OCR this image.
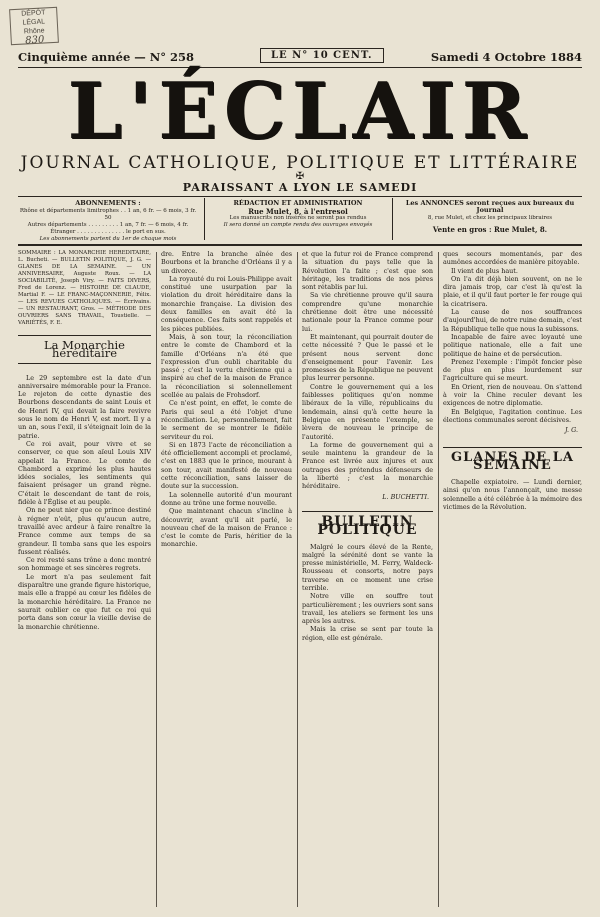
DÉPÔT LÉGAL
Rhône
830
Cinquième année — N° 258	LE N° 10 CENT.	Samedi 4 Octobre 1884
L'ÉCLAIR
JOURNAL CATHOLIQUE, POLITIQUE ET LITTÉRAIRE
✠
PARAISSANT A LYON LE SAMEDI
ABONNEMENTS :
Rhône et départements limitrophes . . 1 an, 6 fr. — 6 mois, 3 fr. 50
Autres départements . . . . . . . . . 1 an, 7 fr. — 6 mois, 4 fr.
Étranger . . . . . . . . . . . . . . le port en sus.
Les abonnements partent du 1er de chaque mois
RÉDACTION ET ADMINISTRATION
Rue Mulet, 8, à l'entresol
Les manuscrits non insérés ne seront pas rendus
Il sera donné un compte rendu des ouvrages envoyés
Les ANNONCES seront reçues aux bureaux du Journal
8, rue Mulet, et chez les principaux libraires
Vente en gros : Rue Mulet, 8.

SOMMAIRE : LA MONARCHIE HÉRÉDITAIRE, L. Bucheti. — BULLETIN POLITIQUE, J. G. — GLANES DE LA SEMAINE. — UN ANNIVERSAIRE, Auguste Roux. — LA SOCIABILITÉ, Joseph Viry. — FAITS DIVERS, Fred de Lorenz. — HISTOIRE DE CLAUDE, Martial F. — LE FRANC-MAÇONNERIE, Félix. — LES REVUES CATHOLIQUES. — Écrivains. — UN RESTAURANT, Gros. — MÉTHODE DES OUVRIERS SANS TRAVAIL, Toustielle. — VARIÉTÉS, F. E.

La Monarchie héréditaire

Le 29 septembre est la date d'un anniversaire mémorable pour la France. Le rejeton de cette dynastie des Bourbons descendants de saint Louis et de Henri IV, qui devait la faire revivre sous le nom de Henri V, est mort. Il y a un an, sous l'exil, il s'éteignait loin de la patrie.

Ce roi avait, pour vivre et se conserver, ce que son aïeul Louis XIV appelait la France. Le comte de Chambord a exprimé les plus hautes idées sociales, les sentiments qui faisaient présager un grand règne. C'était le descendant de tant de rois, fidèle à l'Église et au peuple.

On ne peut nier que ce prince destiné à régner n'eût, plus qu'aucun autre, travaillé avec ardeur à faire renaître la France comme aux temps de sa grandeur. Il tomba sans que les espoirs fussent réalisés.

Ce roi resté sans trône a donc montré son hommage et ses sincères regrets.

Le mort n'a pas seulement fait disparaître une grande figure historique, mais elle a frappé au cœur les fidèles de la monarchie héréditaire. La France ne saurait oublier ce que fut ce roi qui porta dans son cœur la vieille devise de la monarchie chrétienne.

dre. Entre la branche aînée des Bourbons et la branche d'Orléans il y a un divorce.

La royauté du roi Louis-Philippe avait constitué une usurpation par la violation du droit héréditaire dans la monarchie française. La division des deux familles en avait été la conséquence. Ces faits sont rappelés et les pièces publiées.

Mais, à son tour, la réconciliation entre le comte de Chambord et la famille d'Orléans n'a été que l'expression d'un oubli charitable du passé ; c'est la vertu chrétienne qui a inspiré au chef de la maison de France la réconciliation si solennellement scellée au palais de Frohsdorf.

Ce n'est point, en effet, le comte de Paris qui seul a été l'objet d'une réconciliation. Le, personnellement, fait le serment de se montrer le fidèle serviteur du roi.

Si en 1873 l'acte de réconciliation a été officiellement accompli et proclamé, c'est en 1883 que le prince, mourant à son tour, avait manifesté de nouveau cette réconciliation, sans laisser de doute sur la succession.

La solennelle autorité d'un mourant donne au trône une forme nouvelle.

Que maintenant chacun s'incline à découvrir, avant qu'il ait parlé, le nouveau chef de la maison de France : c'est le comte de Paris, héritier de la monarchie.

et que la futur roi de France comprend la situation du pays telle que la Révolution l'a faite ; c'est que son héritage, les traditions de nos pères sont rétablis par lui.

Sa vie chrétienne prouve qu'il saura comprendre qu'une monarchie chrétienne doit être une nécessité nationale pour la France comme pour lui.

Et maintenant, qui pourrait douter de cette nécessité ? Que le passé et le présent nous servent donc d'enseignement pour l'avenir. Les promesses de la République ne peuvent plus leurrer personne.

Contre le gouvernement qui a les faiblesses politiques qu'on nomme libéraux de la ville, républicains du lendemain, ainsi qu'à cette heure la Belgique en présente l'exemple, se lèvera de nouveau le principe de l'autorité.

La forme de gouvernement qui a seule maintenu la grandeur de la France est livrée aux injures et aux outrages des prétendus défenseurs de la liberté ; c'est la monarchie héréditaire.

L. BUCHETTI.
BULLETIN POLITIQUE

Malgré le cours élevé de la Rente, malgré la sérénité dont se vante la presse ministérielle, M. Ferry, Waldeck-Rousseau et consorts, notre pays traverse en ce moment une crise terrible.

Notre ville en souffre tout particulièrement ; les ouvriers sont sans travail, les ateliers se ferment les uns après les autres.

Mais la crise se sent par toute la région, elle est générale.

ques secours momentanés, par des aumônes accordées de manière pitoyable.

Il vient de plus haut.

On l'a dit déjà bien souvent, on ne le dira jamais trop, car c'est là qu'est la plaie, et il qu'il faut porter le fer rouge qui la cicatrisera.

La cause de nos souffrances d'aujourd'hui, de notre ruine demain, c'est la République telle que nous la subissons.

Incapable de faire avec loyauté une politique nationale, elle a fait une politique de haine et de persécution.

Prenez l'exemple : l'impôt foncier pèse de plus en plus lourdement sur l'agriculture qui se meurt.

En Orient, rien de nouveau. On s'attend à voir la Chine reculer devant les exigences de notre diplomatie.

En Belgique, l'agitation continue. Les élections communales seront décisives.

J. G.
GLANES DE LA SEMAINE

Chapelle expiatoire. — Lundi dernier, ainsi qu'on nous l'annonçait, une messe solennelle a été célébrée à la mémoire des victimes de la Révolution.
